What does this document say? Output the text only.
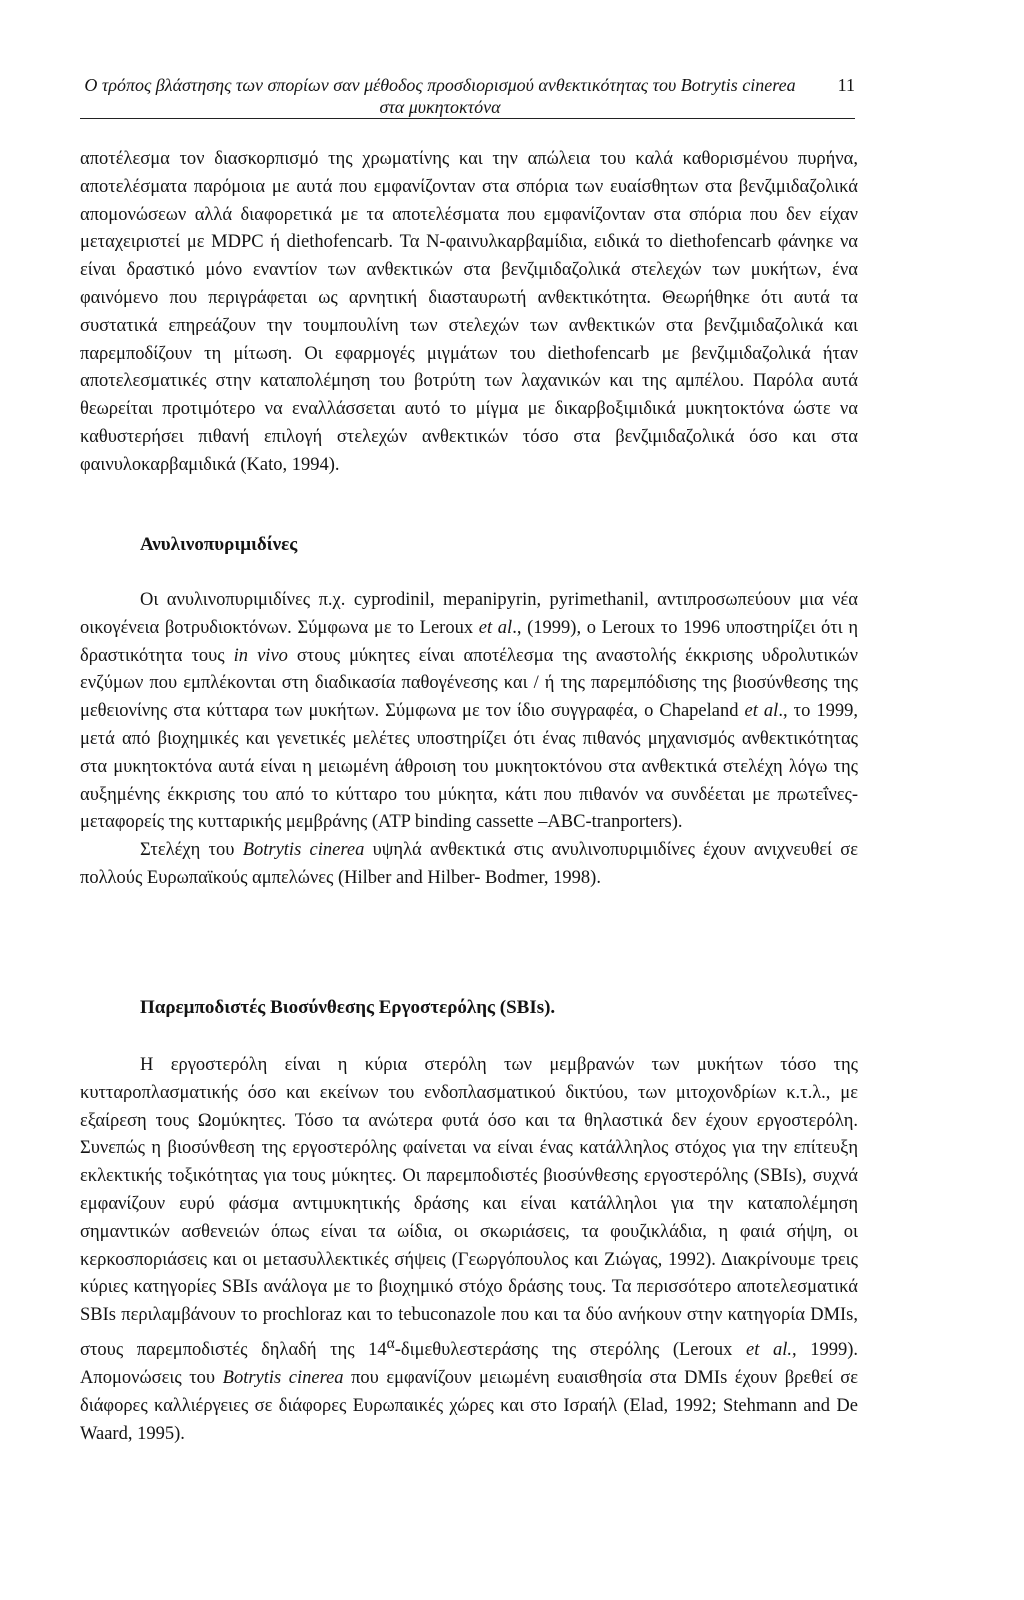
Ο τρόπος βλάστησης των σπορίων σαν μέθοδος προσδιορισμού ανθεκτικότητας του Botrytis cinerea στα μυκητοκτόνα
11

αποτέλεσμα τον διασκορπισμό της χρωματίνης και την απώλεια του καλά καθορισμένου πυρήνα, αποτελέσματα παρόμοια με αυτά που εμφανίζονταν στα σπόρια των ευαίσθητων στα βενζιμιδαζολικά απομονώσεων αλλά διαφορετικά με τα αποτελέσματα που εμφανίζονταν στα σπόρια που δεν είχαν μεταχειριστεί με MDPC ή diethofencarb. Τα Ν-φαινυλκαρβαμίδια, ειδικά το diethofencarb φάνηκε να είναι δραστικό μόνο εναντίον των ανθεκτικών στα βενζιμιδαζολικά στελεχών των μυκήτων, ένα φαινόμενο που περιγράφεται ως αρνητική διασταυρωτή ανθεκτικότητα. Θεωρήθηκε ότι αυτά τα συστατικά επηρεάζουν την τουμπουλίνη των στελεχών των ανθεκτικών στα βενζιμιδαζολικά και παρεμποδίζουν τη μίτωση. Οι εφαρμογές μιγμάτων του diethofencarb με βενζιμιδαζολικά ήταν αποτελεσματικές στην καταπολέμηση του βοτρύτη των λαχανικών και της αμπέλου. Παρόλα αυτά θεωρείται προτιμότερο να εναλλάσσεται αυτό το μίγμα με δικαρβοξιμιδικά μυκητοκτόνα ώστε να καθυστερήσει πιθανή επιλογή στελεχών ανθεκτικών τόσο στα βενζιμιδαζολικά όσο και στα φαινυλοκαρβαμιδικά (Kato, 1994).

Ανυλινοπυριμιδίνες

Οι ανυλινοπυριμιδίνες π.χ. cyprodinil, mepanipyrin, pyrimethanil, αντιπροσωπεύουν μια νέα οικογένεια βοτρυδιοκτόνων. Σύμφωνα με το Leroux et al., (1999), ο Leroux το 1996 υποστηρίζει ότι η δραστικότητα τους in vivo στους μύκητες είναι αποτέλεσμα της αναστολής έκκρισης υδρολυτικών ενζύμων που εμπλέκονται στη διαδικασία παθογένεσης και / ή της παρεμπόδισης της βιοσύνθεσης της μεθειονίνης στα κύτταρα των μυκήτων. Σύμφωνα με τον ίδιο συγγραφέα, ο Chapeland et al., το 1999, μετά από βιοχημικές και γενετικές μελέτες υποστηρίζει ότι ένας πιθανός μηχανισμός ανθεκτικότητας στα μυκητοκτόνα αυτά είναι η μειωμένη άθροιση του μυκητοκτόνου στα ανθεκτικά στελέχη λόγω της αυξημένης έκκρισης του από το κύτταρο του μύκητα, κάτι που πιθανόν να συνδέεται με πρωτεΐνες-μεταφορείς της κυτταρικής μεμβράνης (ATP binding cassette –ABC-tranporters).

Στελέχη του Botrytis cinerea υψηλά ανθεκτικά στις ανυλινοπυριμιδίνες έχουν ανιχνευθεί σε πολλούς Ευρωπαϊκούς αμπελώνες (Hilber and Hilber- Bodmer, 1998).

Παρεμποδιστές Βιοσύνθεσης Εργοστερόλης (SBIs).

Η εργοστερόλη είναι η κύρια στερόλη των μεμβρανών των μυκήτων τόσο της κυτταροπλασματικής όσο και εκείνων του ενδοπλασματικού δικτύου, των μιτοχονδρίων κ.τ.λ., με εξαίρεση τους Ωομύκητες. Τόσο τα ανώτερα φυτά όσο και τα θηλαστικά δεν έχουν εργοστερόλη. Συνεπώς η βιοσύνθεση της εργοστερόλης φαίνεται να είναι ένας κατάλληλος στόχος για την επίτευξη εκλεκτικής τοξικότητας για τους μύκητες. Οι παρεμποδιστές βιοσύνθεσης εργοστερόλης (SBIs), συχνά εμφανίζουν ευρύ φάσμα αντιμυκητικής δράσης και είναι κατάλληλοι για την καταπολέμηση σημαντικών ασθενειών όπως είναι τα ωίδια, οι σκωριάσεις, τα φουζικλάδια, η φαιά σήψη, οι κερκοσποριάσεις και οι μετασυλλεκτικές σήψεις (Γεωργόπουλος και Ζιώγας, 1992). Διακρίνουμε τρεις κύριες κατηγορίες SBIs ανάλογα με το βιοχημικό στόχο δράσης τους. Τα περισσότερο αποτελεσματικά SBIs περιλαμβάνουν το prochloraz και το tebuconazole που και τα δύο ανήκουν στην κατηγορία DMIs, στους παρεμποδιστές δηλαδή της $14^\alpha$-διμεθυλεστεράσης της στερόλης (Leroux et al., 1999). Απομονώσεις του Botrytis cinerea που εμφανίζουν μειωμένη ευαισθησία στα DMIs έχουν βρεθεί σε διάφορες καλλιέργειες σε διάφορες Ευρωπαικές χώρες και στο Ισραήλ (Elad, 1992; Stehmann and De Waard, 1995).
